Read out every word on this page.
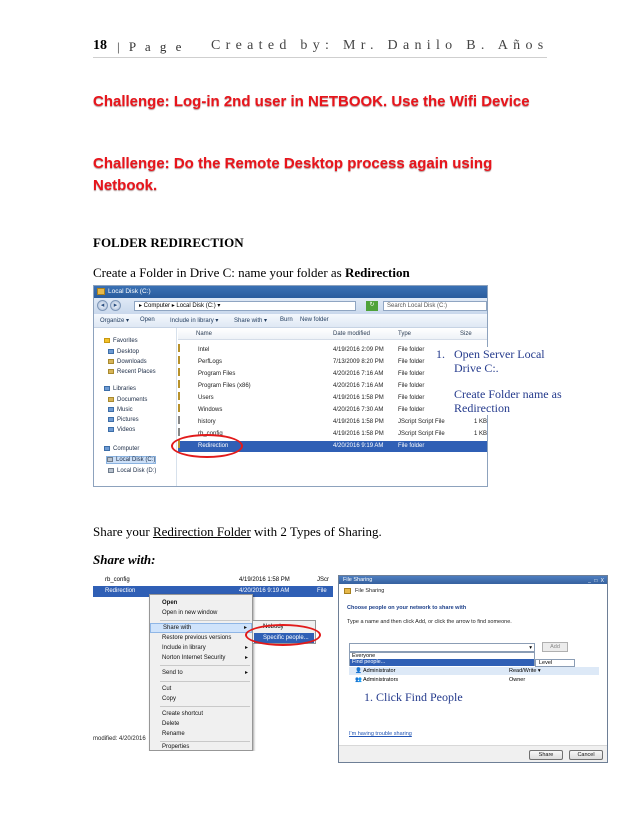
18 | P a g e Created by: Mr. Danilo B. Años
Challenge: Log-in 2nd user in NETBOOK. Use the Wifi Device
Challenge: Do the Remote Desktop process again using Netbook.
FOLDER REDIRECTION
Create a Folder in Drive C: name your folder as Redirection
Local Disk (C:)
◂	▸	▸ Computer ▸ Local Disk (C:) ▾	↻	Search Local Disk (C:)
Organize ▾ Open	Include in library ▾	Share with ▾ Burn New folder
Favorites
Desktop
Downloads
Recent Places
Libraries
Documents
Music
Pictures
Videos
Computer
Local Disk (C:)
Local Disk (D:)
Name	Date modified	Type	Size
Intel	4/19/2016 2:09 PM File folder
PerfLogs	7/13/2009 8:20 PM File folder
Program Files	4/20/2016 7:16 AM File folder
Program Files (x86)	4/20/2016 7:16 AM File folder
Users	4/19/2016 1:58 PM File folder
Windows	4/20/2016 7:30 AM File folder
history	4/19/2016 1:58 PM JScript Script File	1 KB
rb_config	4/19/2016 1:58 PM JScript Script File	1 KB
Redirection	4/20/2016 9:19 AM File folder
1. Open Server Local Drive C:.
Create Folder name as Redirection
Share your Redirection Folder with 2 Types of Sharing.
Share with:
rb_config	4/19/2016 1:58 PM	JScr
Redirection	4/20/2016 9:19 AM	File
Open
Open in new window
Share with	▸
Restore previous versions
Include in library	▸
Norton Internet Security	▸
Send to	▸
Cut
Copy
Create shortcut
Delete
Rename
Properties
Nobody
Specific people...
modified: 4/20/2016
File Sharing	_ □ X
File Sharing
Choose people on your network to share with
Type a name and then click Add, or click the arrow to find someone.
▾	Add
Everyone
Find people...	Level
👤 Administrator	Read/Write ▾
👥 Administrators	Owner
I'm having trouble sharing
Share	Cancel
1. Click Find People
